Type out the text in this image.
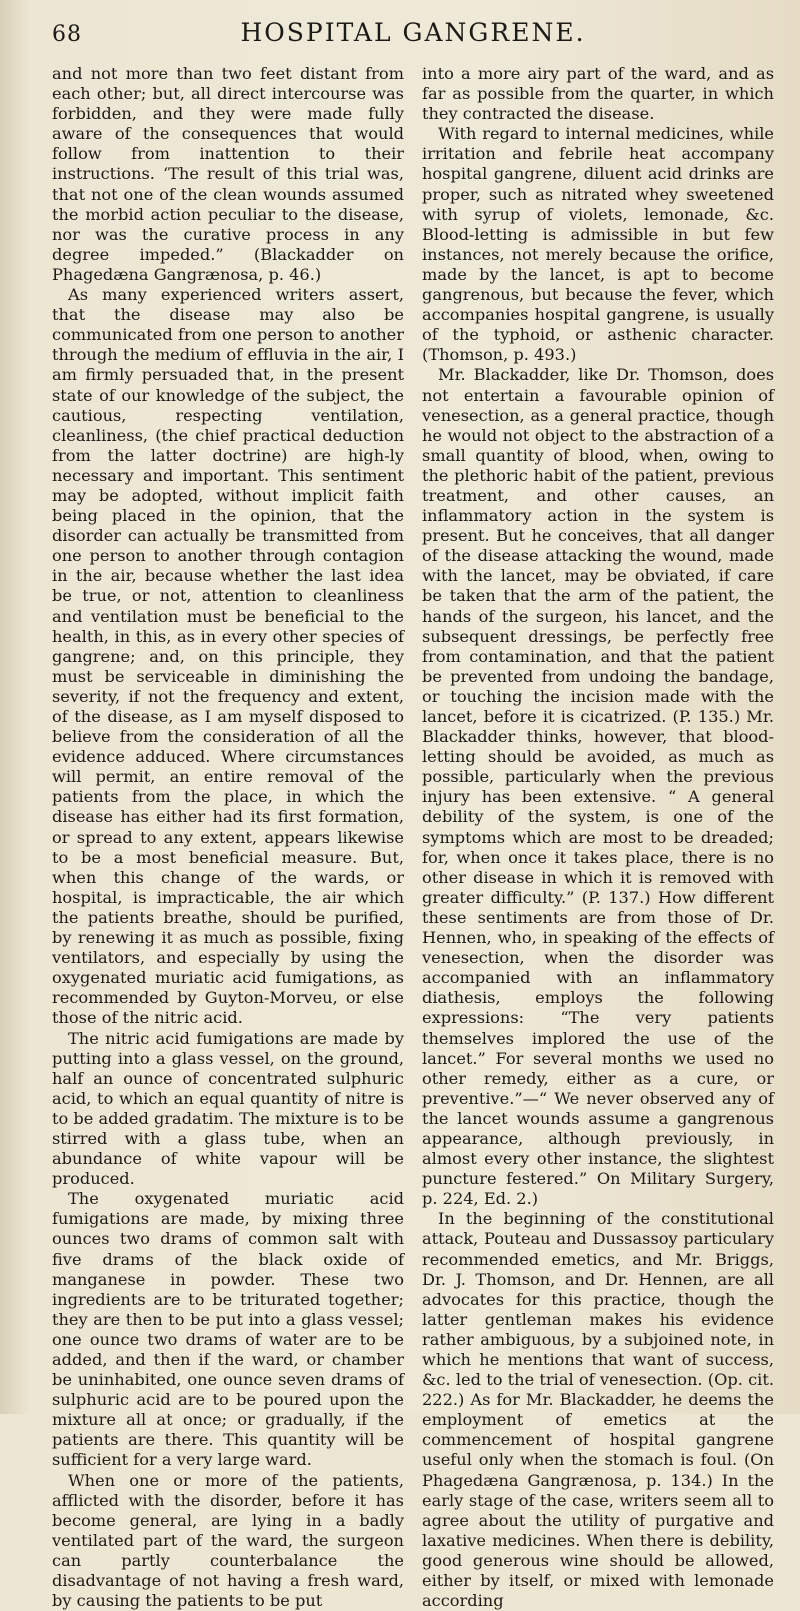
68	HOSPITAL GANGRENE.

and not more than two feet distant from each other; but, all direct intercourse was forbidden, and they were made fully aware of the consequences that would follow from inattention to their instructions. ‘The result of this trial was, that not one of the clean wounds assumed the morbid action peculiar to the disease, nor was the curative process in any degree impeded.” (Blackadder on Phagedæna Gangrænosa, p. 46.)

As many experienced writers assert, that the disease may also be communicated from one person to another through the medium of effluvia in the air, I am firmly persuaded that, in the present state of our knowledge of the subject, the cautious, respecting ventilation, cleanliness, (the chief practical deduction from the latter doctrine) are high-ly necessary and important. This sentiment may be adopted, without implicit faith being placed in the opinion, that the disorder can actually be transmitted from one person to another through contagion in the air, because whether the last idea be true, or not, attention to cleanliness and ventilation must be beneficial to the health, in this, as in every other species of gangrene; and, on this principle, they must be serviceable in diminishing the severity, if not the frequency and extent, of the disease, as I am myself disposed to believe from the consideration of all the evidence adduced. Where circumstances will permit, an entire removal of the patients from the place, in which the disease has either had its first formation, or spread to any extent, appears likewise to be a most beneficial measure. But, when this change of the wards, or hospital, is impracticable, the air which the patients breathe, should be purified, by renewing it as much as possible, fixing ventilators, and especially by using the oxygenated muriatic acid fumigations, as recommended by Guyton-Morveu, or else those of the nitric acid.

The nitric acid fumigations are made by putting into a glass vessel, on the ground, half an ounce of concentrated sulphuric acid, to which an equal quantity of nitre is to be added gradatim. The mixture is to be stirred with a glass tube, when an abundance of white vapour will be produced.

The oxygenated muriatic acid fumigations are made, by mixing three ounces two drams of common salt with five drams of the black oxide of manganese in powder. These two ingredients are to be triturated together; they are then to be put into a glass vessel; one ounce two drams of water are to be added, and then if the ward, or chamber be uninhabited, one ounce seven drams of sulphuric acid are to be poured upon the mixture all at once; or gradually, if the patients are there. This quantity will be sufficient for a very large ward.

When one or more of the patients, afflicted with the disorder, before it has become general, are lying in a badly ventilated part of the ward, the surgeon can partly counterbalance the disadvantage of not having a fresh ward, by causing the patients to be put

into a more airy part of the ward, and as far as possible from the quarter, in which they contracted the disease.

With regard to internal medicines, while irritation and febrile heat accompany hospital gangrene, diluent acid drinks are proper, such as nitrated whey sweetened with syrup of violets, lemonade, &c. Blood-letting is admissible in but few instances, not merely because the orifice, made by the lancet, is apt to become gangrenous, but because the fever, which accompanies hospital gangrene, is usually of the typhoid, or asthenic character. (Thomson, p. 493.)

Mr. Blackadder, like Dr. Thomson, does not entertain a favourable opinion of venesection, as a general practice, though he would not object to the abstraction of a small quantity of blood, when, owing to the plethoric habit of the patient, previous treatment, and other causes, an inflammatory action in the system is present. But he conceives, that all danger of the disease attacking the wound, made with the lancet, may be obviated, if care be taken that the arm of the patient, the hands of the surgeon, his lancet, and the subsequent dressings, be perfectly free from contamination, and that the patient be prevented from undoing the bandage, or touching the incision made with the lancet, before it is cicatrized. (P. 135.) Mr. Blackadder thinks, however, that blood-letting should be avoided, as much as possible, particularly when the previous injury has been extensive. “ A general debility of the system, is one of the symptoms which are most to be dreaded; for, when once it takes place, there is no other disease in which it is removed with greater difficulty.” (P. 137.) How different these sentiments are from those of Dr. Hennen, who, in speaking of the effects of venesection, when the disorder was accompanied with an inflammatory diathesis, employs the following expressions: “The very patients themselves implored the use of the lancet.” For several months we used no other remedy, either as a cure, or preventive.”—“ We never observed any of the lancet wounds assume a gangrenous appearance, although previously, in almost every other instance, the slightest puncture festered.” On Military Surgery, p. 224, Ed. 2.)

In the beginning of the constitutional attack, Pouteau and Dussassoy particulary recommended emetics, and Mr. Briggs, Dr. J. Thomson, and Dr. Hennen, are all advocates for this practice, though the latter gentleman makes his evidence rather ambiguous, by a subjoined note, in which he mentions that want of success, &c. led to the trial of venesection. (Op. cit. 222.) As for Mr. Blackadder, he deems the employment of emetics at the commencement of hospital gangrene useful only when the stomach is foul. (On Phagedæna Gangrænosa, p. 134.) In the early stage of the case, writers seem all to agree about the utility of purgative and laxative medicines. When there is debility, good generous wine should be allowed, either by itself, or mixed with lemonade according
